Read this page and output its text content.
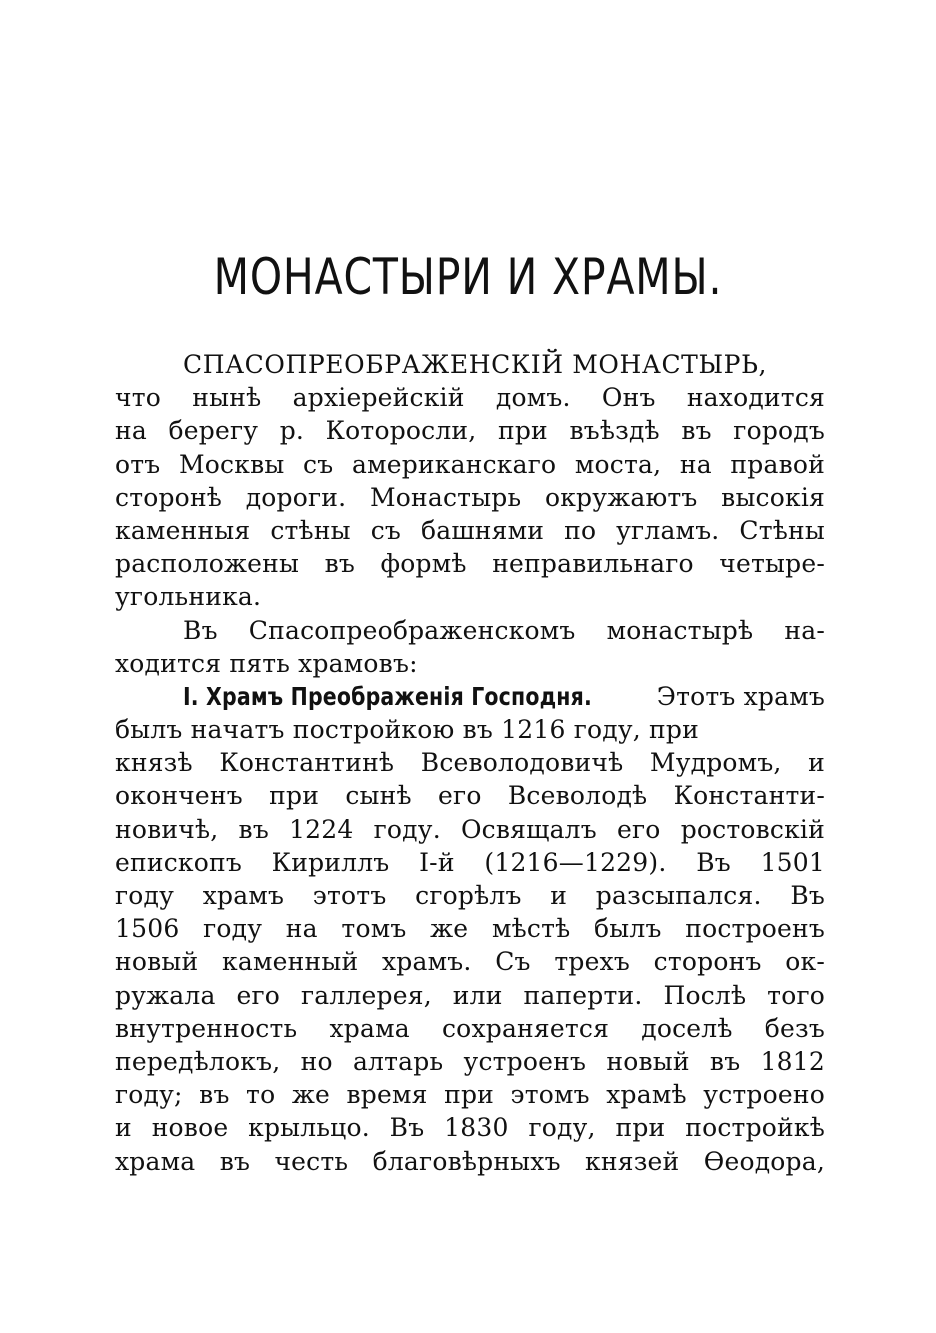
МОНАСТЫРИ И ХРАМЫ.
СПАСОПРЕОБРАЖЕНСКІЙ МОНАСТЫРЬ,
что нынѣ архіерейскій домъ. Онъ находится
на берегу р. Которосли, при въѣздѣ въ городъ
отъ Москвы съ американскаго моста, на правой
сторонѣ дороги. Монастырь окружаютъ высокія
каменныя стѣны съ башнями по угламъ. Стѣны
расположены въ формѣ неправильнаго четыре-
угольника.
Въ Спасопреображенскомъ монастырѣ на-
ходится пять храмовъ:
I. Храмъ Преображенія Господня.	Этотъ храмъ
былъ начатъ постройкою въ 1216 году, при
князѣ Константинѣ Всеволодовичѣ Мудромъ, и
оконченъ при сынѣ его Всеволодѣ Константи-
новичѣ, въ 1224 году. Освящалъ его ростовскій
епископъ Кириллъ I-й (1216—1229). Въ 1501
году храмъ этотъ сгорѣлъ и разсыпался. Въ
1506 году на томъ же мѣстѣ былъ построенъ
новый каменный храмъ. Съ трехъ сторонъ ок-
ружала его галлерея, или паперти. Послѣ того
внутренность храма сохраняется доселѣ безъ
передѣлокъ, но алтарь устроенъ новый въ 1812
году; въ то же время при этомъ храмѣ устроено
и новое крыльцо. Въ 1830 году, при постройкѣ
храма въ честь благовѣрныхъ князей Ѳеодора,
